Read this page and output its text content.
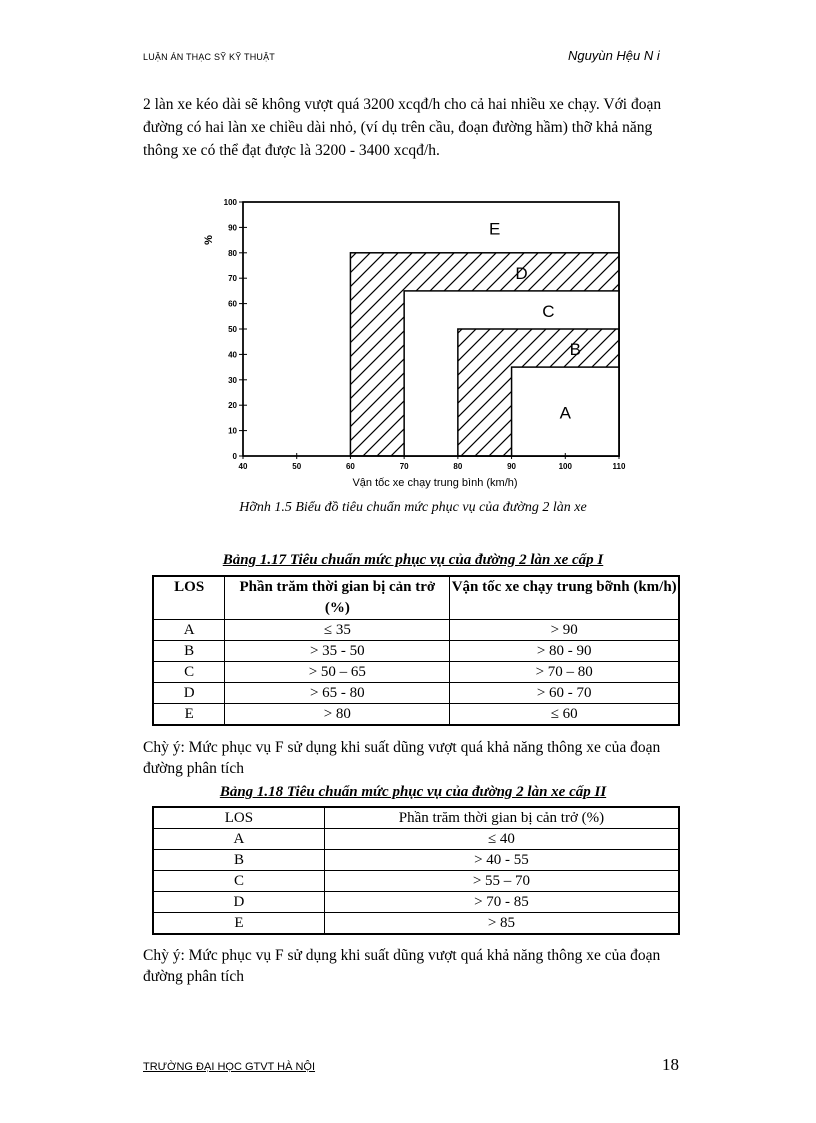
LUẬN ÁN THẠC SỸ KỸ THUẬT	Nguyùn Hệu N i
2 làn xe kéo dài sẽ không vượt quá 3200 xcqđ/h cho cả hai nhiều xe chạy. Với đoạn đường có hai làn xe chiều dài nhỏ, (ví dụ trên cầu, đoạn đường hầm) thỡ khả năng thông xe có thể đạt được là 3200 - 3400 xcqđ/h.
E
D
C
B
A
0
10
20
30
40
50
60
70
80
90
100
40	50	60	70	80	90	100	110
%
Vận tốc xe chạy trung bình (km/h)
Hỡnh 1.5 Biểu đồ tiêu chuẩn mức phục vụ của đường 2 làn xe
Bảng 1.17 Tiêu chuẩn mức phục vụ của đường 2 làn xe cấp I
LOS	Phần trăm thời gian bị cản trở (%)	Vận tốc xe chạy trung bỡnh (km/h)
A	≤ 35	> 90
B	> 35 - 50	> 80 - 90
C	> 50 – 65	> 70 – 80
D	> 65 - 80	> 60 - 70
E	> 80	≤ 60
Chỳ ý: Mức phục vụ F sử dụng khi suất dũng vượt quá khả năng thông xe của đoạn đường phân tích
Bảng 1.18 Tiêu chuẩn mức phục vụ của đường 2 làn xe cấp II
LOS	Phần trăm thời gian bị cản trở (%)
A	≤ 40
B	> 40 - 55
C	> 55 – 70
D	> 70 - 85
E	> 85
Chỳ ý: Mức phục vụ F sử dụng khi suất dũng vượt quá khả năng thông xe của đoạn đường phân tích
TRƯỜNG ĐẠI HỌC GTVT HÀ NỘI	18
